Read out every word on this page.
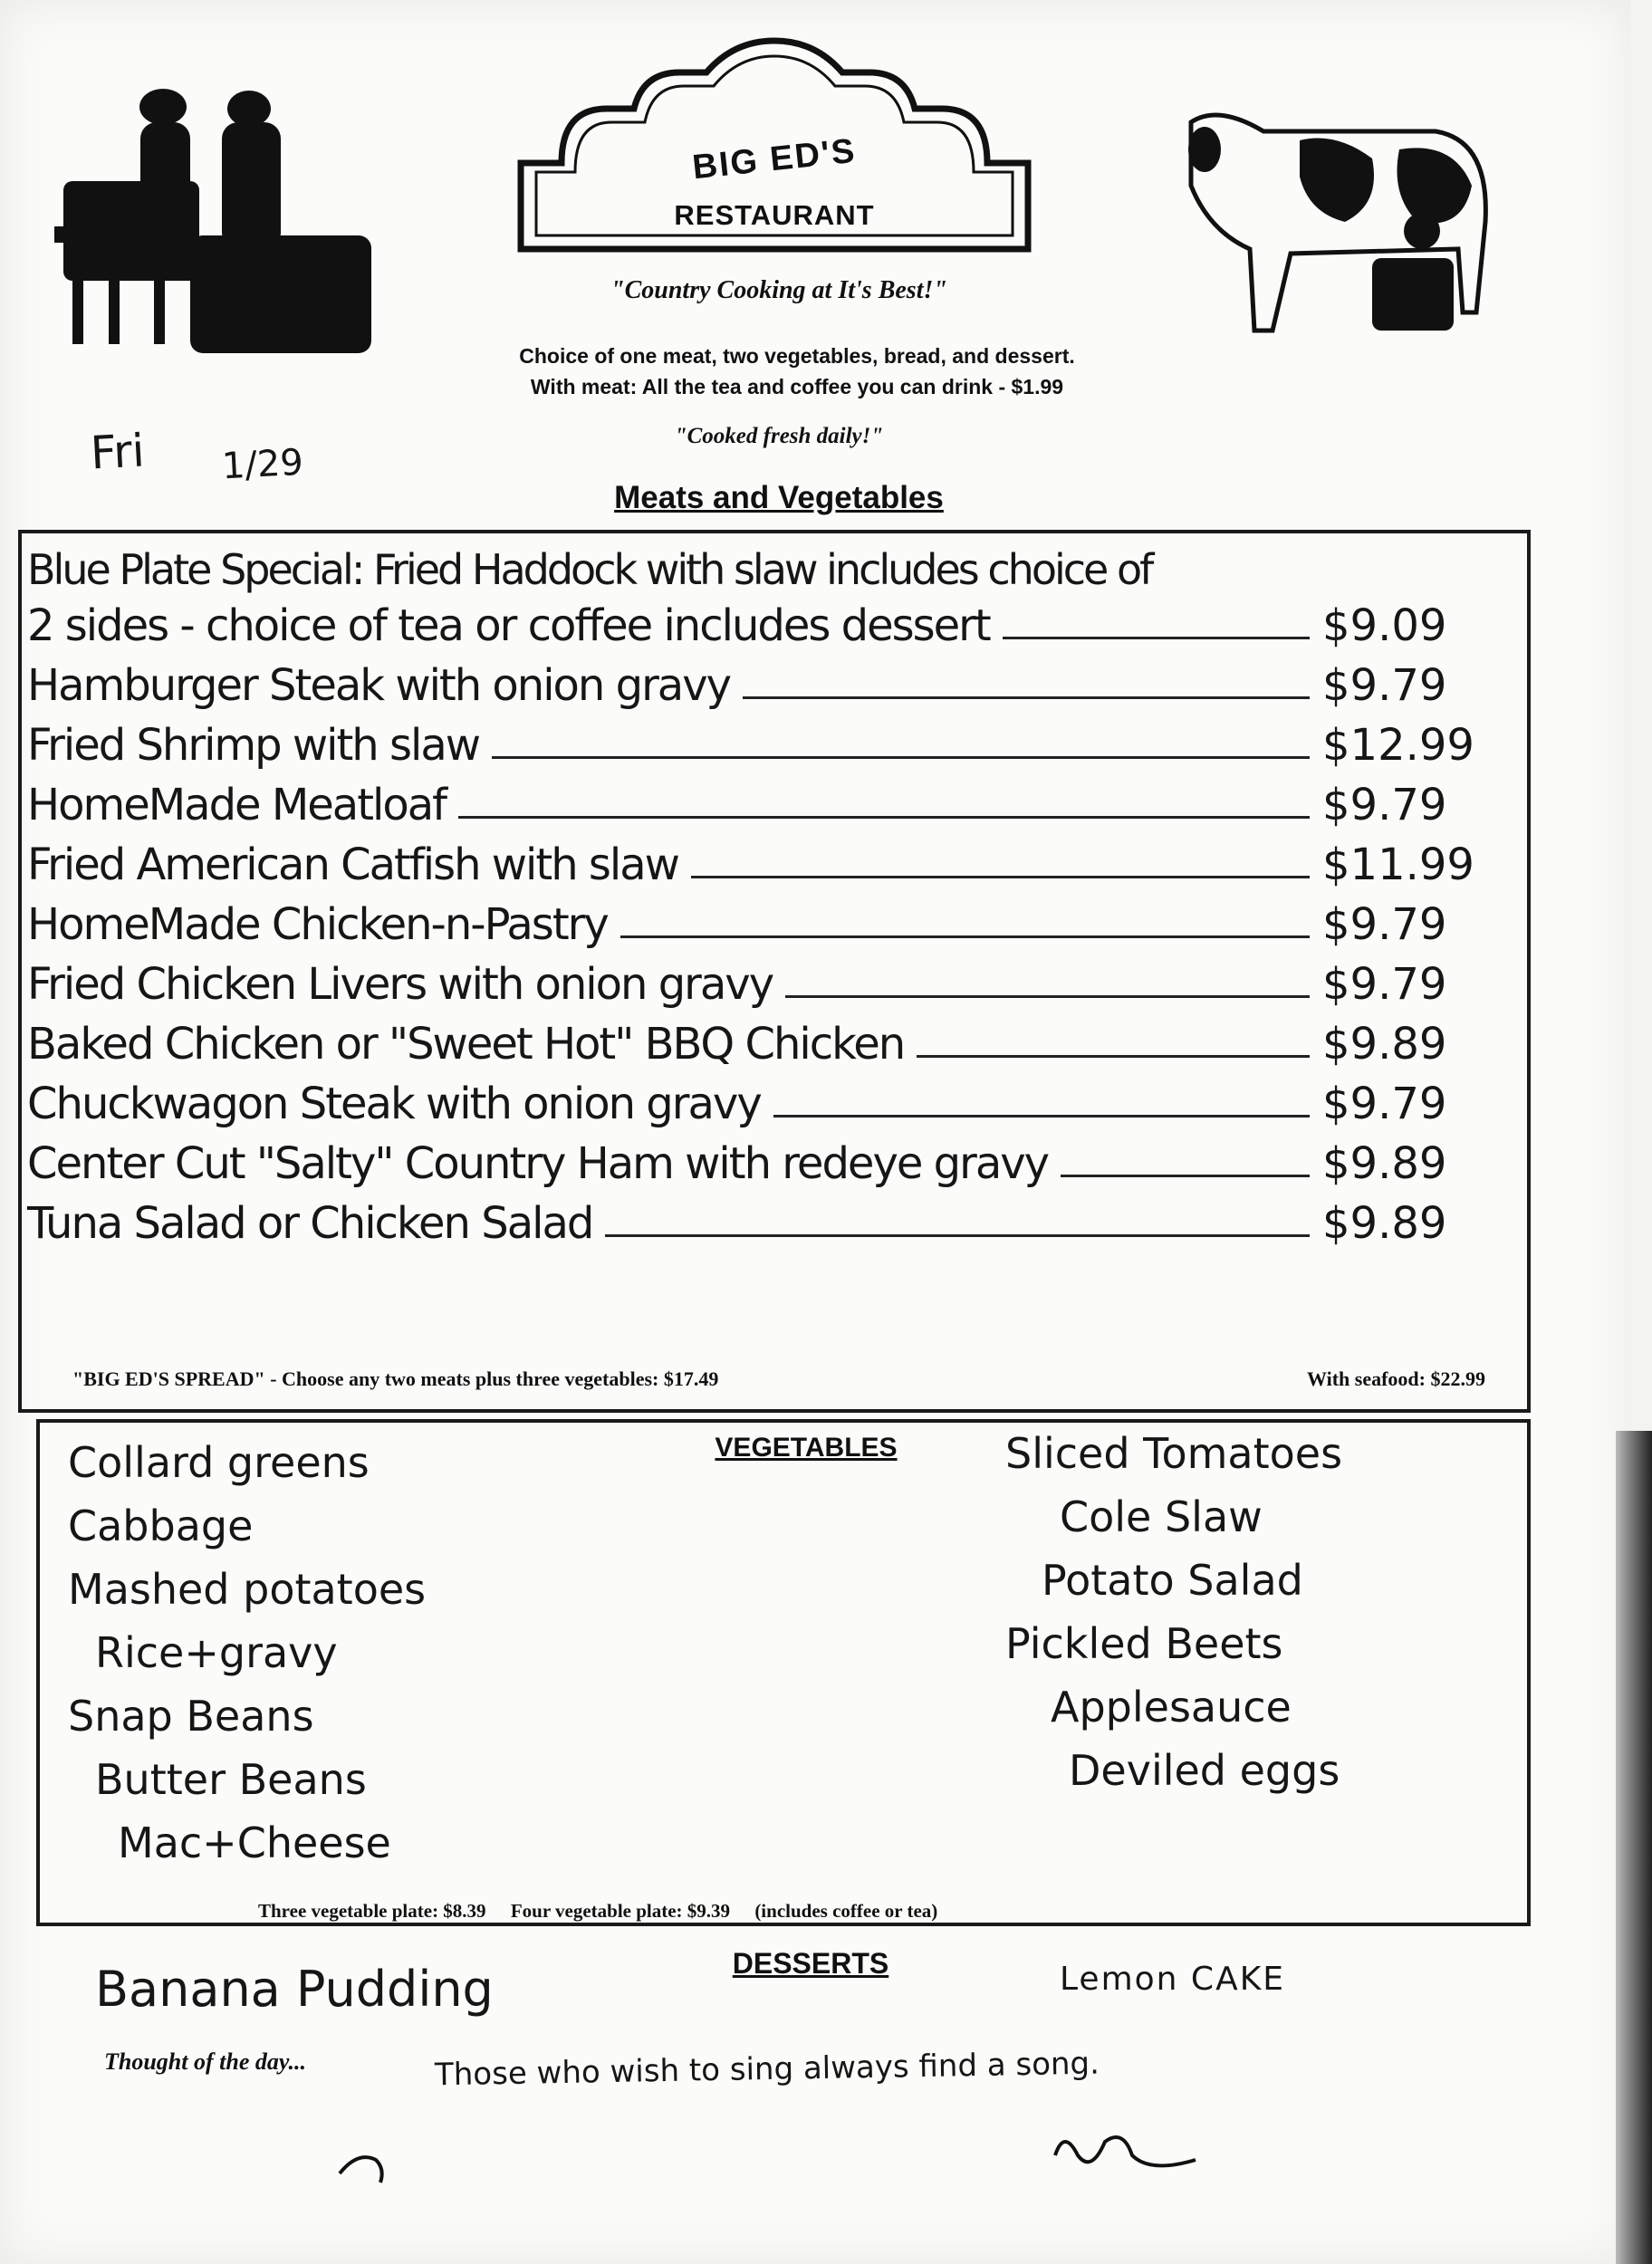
BIG ED'S
RESTAURANT
"Country Cooking at It's Best!"
Choice of one meat, two vegetables, bread, and dessert.
With meat: All the tea and coffee you can drink - $1.99
Fri 1/29
"Cooked fresh daily!"
Meats and Vegetables
Blue Plate Special: Fried Haddock with slaw includes choice of
2 sides - choice of tea or coffee includes dessert	$9.09
Hamburger Steak with onion gravy	$9.79
Fried Shrimp with slaw	$12.99
HomeMade Meatloaf	$9.79
Fried American Catfish with slaw	$11.99
HomeMade Chicken-n-Pastry	$9.79
Fried Chicken Livers with onion gravy	$9.79
Baked Chicken or "Sweet Hot" BBQ Chicken	$9.89
Chuckwagon Steak with onion gravy	$9.79
Center Cut "Salty" Country Ham with redeye gravy	$9.89
Tuna Salad or Chicken Salad	$9.89
"BIG ED'S SPREAD" - Choose any two meats plus three vegetables: $17.49	With seafood: $22.99
VEGETABLES
Collard greens
Cabbage
Mashed potatoes
Rice+gravy
Snap Beans
Butter Beans
Mac+Cheese
Sliced Tomatoes
Cole Slaw
Potato Salad
Pickled Beets
Applesauce
Deviled eggs
Three vegetable plate: $8.39 Four vegetable plate: $9.39 (includes coffee or tea)
DESSERTS
Banana Pudding	Lemon CAKE
Thought of the day...	Those who wish to sing always find a song.
